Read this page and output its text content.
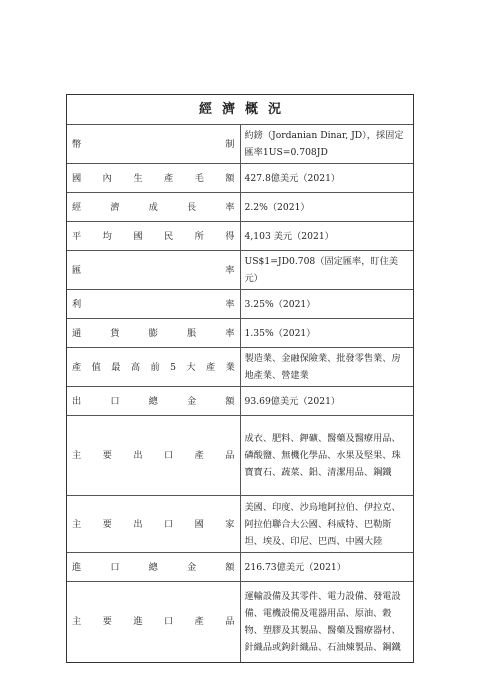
經濟概況	
幣制	約鎊（Jordanian Dinar, JD），採固定匯率1US=0.708JD
國內生產毛額	427.8億美元（2021）
經濟成長率	2.2%（2021）
平均國民所得	4,103 美元（2021）
匯率	US$1=JD0.708（固定匯率，盯住美元）
利率	3.25%（2021）
通貨膨脹率	1.35%（2021）
產值最高前5大產業	製造業、金融保險業、批發零售業、房地產業、營建業
出口總金額	93.69億美元（2021）
主要出口產品	成衣、肥料、鉀礦、醫藥及醫療用品、磷酸鹽、無機化學品、水果及堅果、珠寶寶石、蔬菜、鋁、清潔用品、鋼鐵
主要出口國家	美國、印度、沙烏地阿拉伯、伊拉克、阿拉伯聯合大公國、科威特、巴勒斯坦、埃及、印尼、巴西、中國大陸
進口總金額	216.73億美元（2021）
主要進口產品	運輸設備及其零件、電力設備、發電設備、電機設備及電器用品、原油、穀物、塑膠及其製品、醫藥及醫療器材、針織品或鉤針織品、石油煉製品、鋼鐵
